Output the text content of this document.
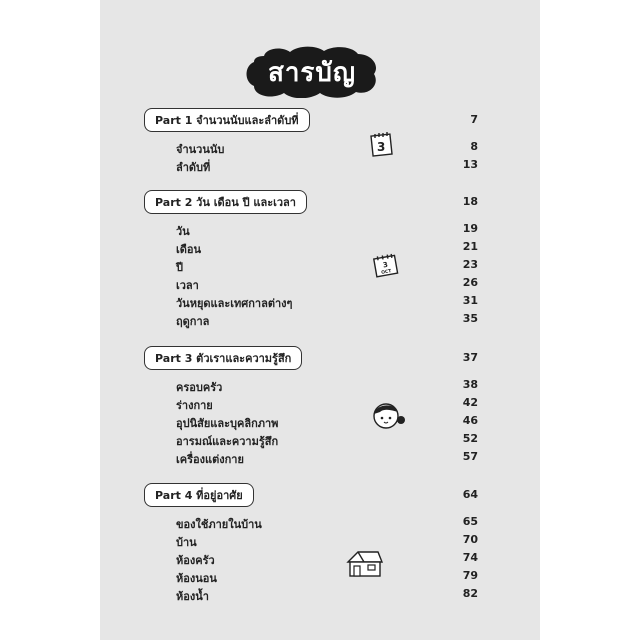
สารบัญ
Part 1 จำนวนนับและลำดับที่	7
จำนวนนับ	8
ลำดับที่	13
Part 2 วัน เดือน ปี และเวลา	18
วัน	19
เดือน	21
ปี	23
เวลา	26
วันหยุดและเทศกาลต่างๆ	31
ฤดูกาล	35
Part 3 ตัวเราและความรู้สึก	37
ครอบครัว	38
ร่างกาย	42
อุปนิสัยและบุคลิกภาพ	46
อารมณ์และความรู้สึก	52
เครื่องแต่งกาย	57
Part 4 ที่อยู่อาศัย	64
ของใช้ภายในบ้าน	65
บ้าน	70
ห้องครัว	74
ห้องนอน	79
ห้องน้ำ	82
3
3
OCT
